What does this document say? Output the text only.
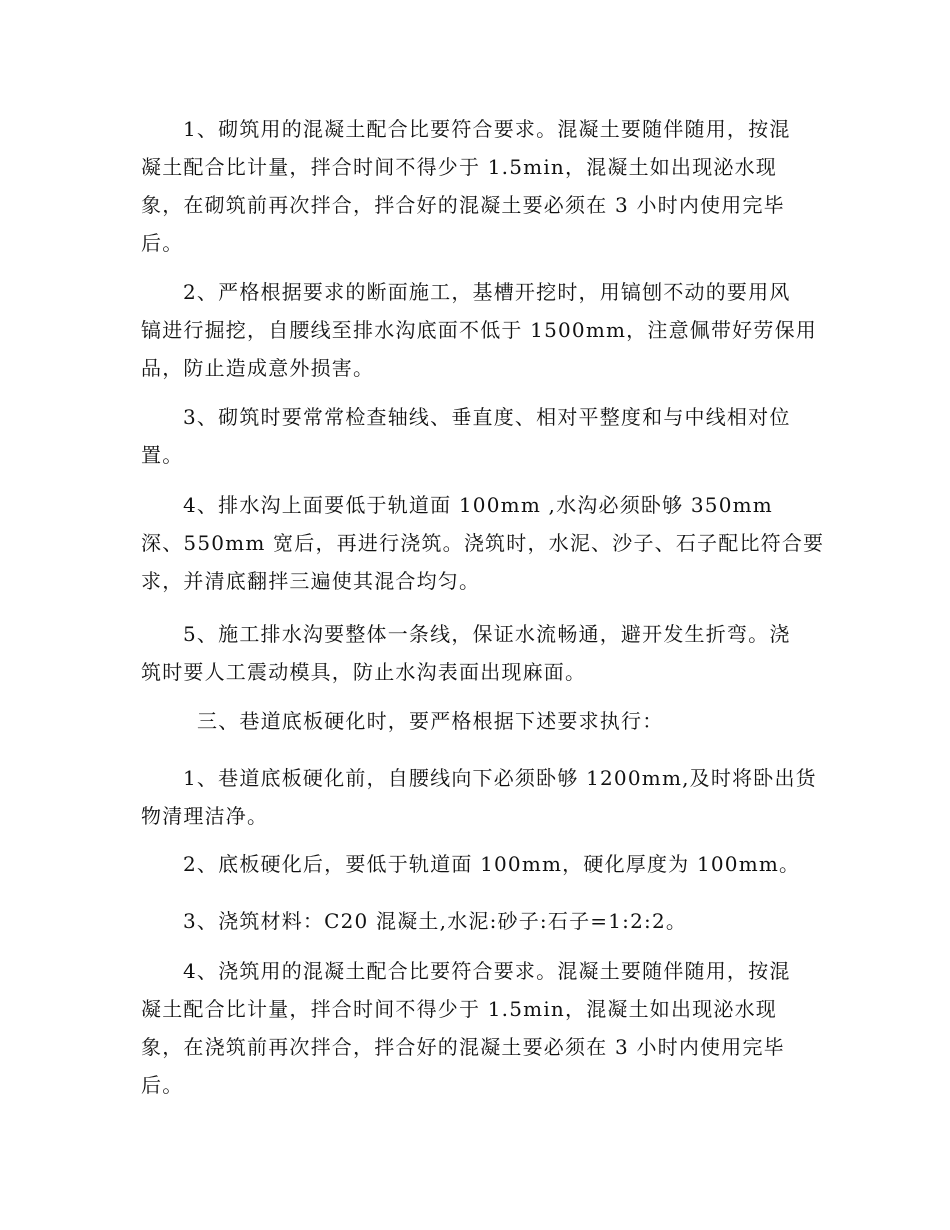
1、砌筑用的混凝土配合比要符合要求。混凝土要随伴随用，按混
凝土配合比计量，拌合时间不得少于 1.5min，混凝土如出现泌水现
象，在砌筑前再次拌合，拌合好的混凝土要必须在 3 小时内使用完毕
后。
2、严格根据要求的断面施工，基槽开挖时，用镐刨不动的要用风
镐进行掘挖，自腰线至排水沟底面不低于 1500mm，注意佩带好劳保用
品，防止造成意外损害。
3、砌筑时要常常检查轴线、垂直度、相对平整度和与中线相对位
置。
4、排水沟上面要低于轨道面 100mm ,水沟必须卧够 350mm
深、550mm 宽后，再进行浇筑。浇筑时，水泥、沙子、石子配比符合要
求，并清底翻拌三遍使其混合均匀。
5、施工排水沟要整体一条线，保证水流畅通，避开发生折弯。浇
筑时要人工震动模具，防止水沟表面出现麻面。
三、巷道底板硬化时，要严格根据下述要求执行：
1、巷道底板硬化前，自腰线向下必须卧够 1200mm,及时将卧出货
物清理洁净。
2、底板硬化后，要低于轨道面 100mm，硬化厚度为 100mm。
3、浇筑材料：C20 混凝土,水泥:砂子:石子=1:2:2。
4、浇筑用的混凝土配合比要符合要求。混凝土要随伴随用，按混
凝土配合比计量，拌合时间不得少于 1.5min，混凝土如出现泌水现
象，在浇筑前再次拌合，拌合好的混凝土要必须在 3 小时内使用完毕
后。
